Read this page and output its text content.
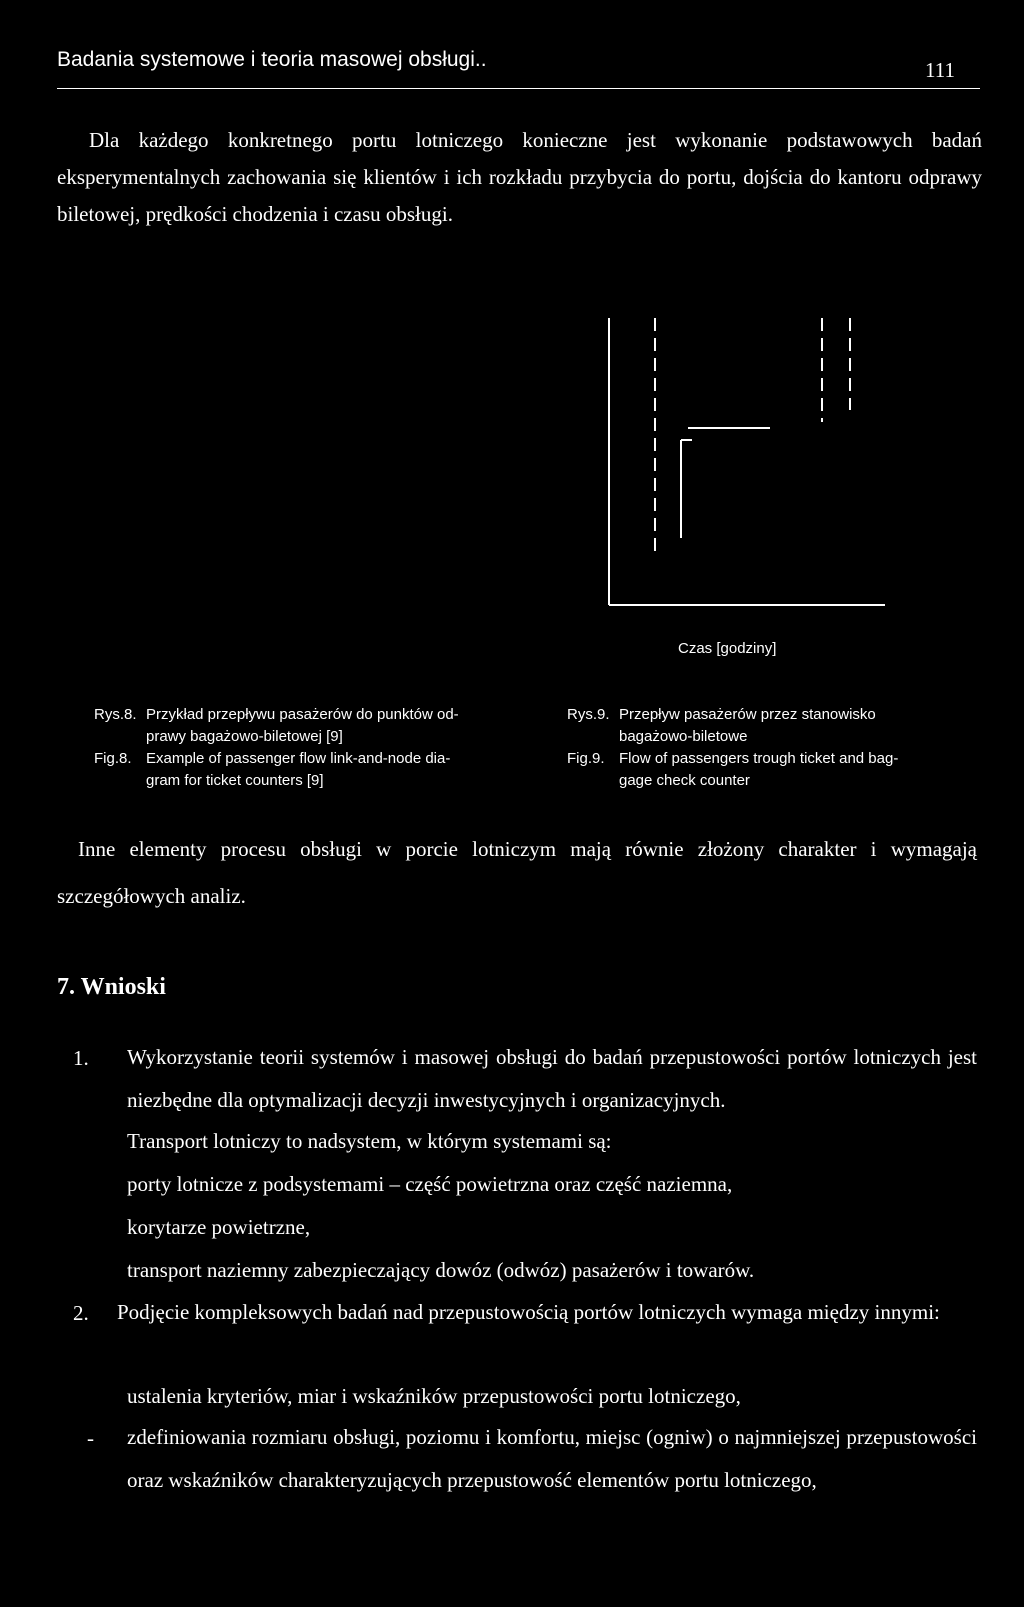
Badania systemowe i teoria masowej obsługi..	111
Dla każdego konkretnego portu lotniczego konieczne jest wykonanie podstawowych badań eksperymentalnych zachowania się klientów i ich rozkładu przybycia do portu, dojścia do kantoru odprawy biletowej, prędkości chodzenia i czasu obsługi.
Czas [godziny]
Rys.8. Przykład przepływu pasażerów do punktów od-
prawy bagażowo-biletowej [9]
Fig.8. Example of passenger flow link-and-node dia-
gram for ticket counters [9]
Rys.9. Przepływ pasażerów przez stanowisko
bagażowo-biletowe
Fig.9. Flow of passengers trough ticket and bag-
gage check counter
Inne elementy procesu obsługi w porcie lotniczym mają równie złożony charakter i wymagają szczegółowych analiz.
7. Wnioski
1. Wykorzystanie teorii systemów i masowej obsługi do badań przepustowości portów lotniczych jest niezbędne dla optymalizacji decyzji inwestycyjnych i organizacyjnych.
Transport lotniczy to nadsystem, w którym systemami są:
porty lotnicze z podsystemami – część powietrzna oraz część naziemna,
korytarze powietrzne,
transport naziemny zabezpieczający dowóz (odwóz) pasażerów i towarów.
2. Podjęcie kompleksowych badań nad przepustowością portów lotniczych wymaga między innymi:
ustalenia kryteriów, miar i wskaźników przepustowości portu lotniczego,
- zdefiniowania rozmiaru obsługi, poziomu i komfortu, miejsc (ogniw) o najmniejszej przepustowości oraz wskaźników charakteryzujących przepustowość elementów portu lotniczego,
